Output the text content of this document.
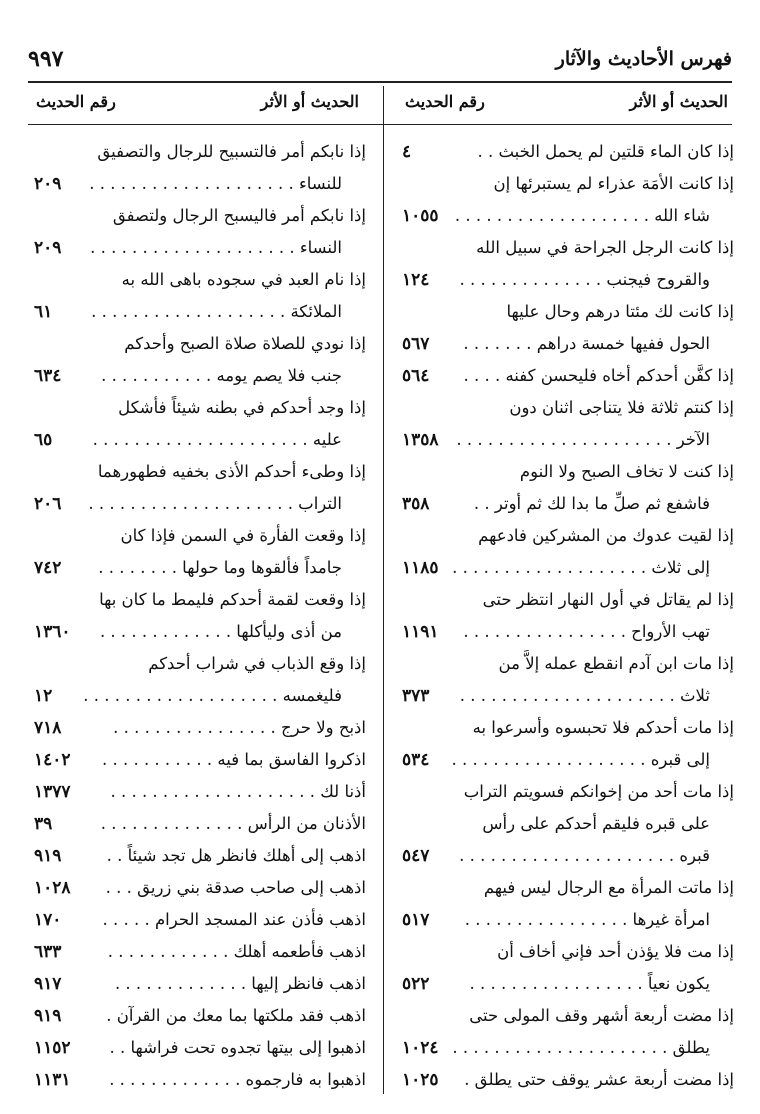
٩٩٧	فهرس الأحاديث والآثار
الحديث أو الأثر
رقم الحديث
الحديث أو الأثر
رقم الحديث
إذا كان الماء قلتين لم يحمل الخبث . .
٤
إذا كانت الأمَة عذراء لم يستبرئها إن
شاء الله . . . . . . . . . . . . . . . . . . .
١٠٥٥
إذا كانت الرجل الجراحة في سبيل الله
والقروح فيجنب . . . . . . . . . . . . . .
١٢٤
إذا كانت لك مئتا درهم وحال عليها
الحول ففيها خمسة دراهم . . . . . . .
٥٦٧
إذا كفَّن أحدكم أخاه فليحسن كفنه . . . .
٥٦٤
إذا كنتم ثلاثة فلا يتناجى اثنان دون
الآخر . . . . . . . . . . . . . . . . . . . . .
١٣٥٨
إذا كنت لا تخاف الصبح ولا النوم
فاشفع ثم صلِّ ما بدا لك ثم أوتر . .
٣٥٨
إذا لقيت عدوك من المشركين فادعهم
إلى ثلاث . . . . . . . . . . . . . . . . . . .
١١٨٥
إذا لم يقاتل في أول النهار انتظر حتى
تهب الأرواح . . . . . . . . . . . . . . . .
١١٩١
إذا مات ابن آدم انقطع عمله إلاَّ من
ثلاث . . . . . . . . . . . . . . . . . . . . .
٣٧٣
إذا مات أحدكم فلا تحبسوه وأسرعوا به
إلى قبره . . . . . . . . . . . . . . . . . . .
٥٣٤
إذا مات أحد من إخوانكم فسويتم التراب
على قبره فليقم أحدكم على رأس
قبره . . . . . . . . . . . . . . . . . . . . .
٥٤٧
إذا ماتت المرأة مع الرجال ليس فيهم
امرأة غيرها . . . . . . . . . . . . . . . .
٥١٧
إذا مت فلا يؤذن أحد فإني أخاف أن
يكون نعياً . . . . . . . . . . . . . . . . .
٥٢٢
إذا مضت أربعة أشهر وقف المولى حتى
يطلق . . . . . . . . . . . . . . . . . . . . .
١٠٢٤
إذا مضت أربعة عشر يوقف حتى يطلق .
١٠٢٥
إذا نابكم أمر فالتسبيح للرجال والتصفيق
للنساء . . . . . . . . . . . . . . . . . . . .
٢٠٩
إذا نابكم أمر فاليسبح الرجال ولتصفق
النساء . . . . . . . . . . . . . . . . . . . .
٢٠٩
إذا نام العبد في سجوده باهى الله به
الملائكة . . . . . . . . . . . . . . . . . . .
٦١
إذا نودي للصلاة صلاة الصبح وأحدكم
جنب فلا يصم يومه . . . . . . . . . . .
٦٣٤
إذا وجد أحدكم في بطنه شيئاً فأشكل
عليه . . . . . . . . . . . . . . . . . . . . .
٦٥
إذا وطىء أحدكم الأذى بخفيه فطهورهما
التراب . . . . . . . . . . . . . . . . . . . .
٢٠٦
إذا وقعت الفأرة في السمن فإذا كان
جامداً فألقوها وما حولها . . . . . . . .
٧٤٢
إذا وقعت لقمة أحدكم فليمط ما كان بها
من أذى وليأكلها . . . . . . . . . . . . .
١٣٦٠
إذا وقع الذباب في شراب أحدكم
فليغمسه . . . . . . . . . . . . . . . . . . .
١٢
اذبح ولا حرج . . . . . . . . . . . . . . . .
٧١٨
اذكروا الفاسق بما فيه . . . . . . . . . . .
١٤٠٢
أذنا لك . . . . . . . . . . . . . . . . . . . .
١٣٧٧
الأذنان من الرأس . . . . . . . . . . . . . .
٣٩
اذهب إلى أهلك فانظر هل تجد شيئاً . .
٩١٩
اذهب إلى صاحب صدقة بني زريق . . .
١٠٢٨
اذهب فأذن عند المسجد الحرام . . . . .
١٧٠
اذهب فأطعمه أهلك . . . . . . . . . . . .
٦٣٣
اذهب فانظر إليها . . . . . . . . . . . . .
٩١٧
اذهب فقد ملكتها بما معك من القرآن .
٩١٩
اذهبوا إلى بيتها تجدوه تحت فراشها . .
١١٥٢
اذهبوا به فارجموه . . . . . . . . . . . . .
١١٣١
